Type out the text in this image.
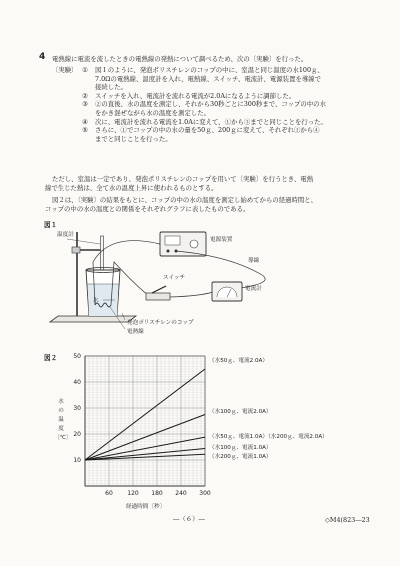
4 電熱線に電流を流したときの電熱線の発熱について調べるため、次の〔実験〕を行った。
〔実験〕 ①	図１のように、発泡ポリスチレンのコップの中に、室温と同じ温度の水100ｇ、
7.0Ωの電熱線、温度計を入れ、電熱線、スイッチ、電流計、電源装置を導線で
接続した。
②	スイッチを入れ、電流計を流れる電流が2.0Aになるように調節した。
③	②の直後、水の温度を測定し、それから30秒ごとに300秒まで、コップの中の水
をかき混ぜながら水の温度を測定した。
④	次に、電流計を流れる電流を1.0Aに変えて、①から③までと同じことを行った。
⑤	さらに、①でコップの中の水の量を50ｇ、200ｇに変えて、それぞれ①から④
までと同じことを行った。
ただし、室温は一定であり、発泡ポリスチレンのコップを用いて〔実験〕を行うとき、電熱
線で生じた熱は、全て水の温度上昇に使われるものとする。
図２は、〔実験〕の結果をもとに、コップの中の水の温度を測定し始めてからの経過時間と、
コップの中の水の温度との関係をそれぞれグラフに表したものである。
図１
温度計
電源装置
導線
スイッチ
電流計
水
発泡ポリスチレンのコップ
電熱線
図２
水
の
温
度
〔℃〕
60 120 180 240 300
10
20
30
40
50
経過時間〔秒〕
（水50ｇ、電流2.0A）
（水100ｇ、電流2.0A）
（水50ｇ、電流1.0A）（水200ｇ、電流2.0A）
（水100ｇ、電流1.0A）
（水200ｇ、電流1.0A）
―（６）―	◇M4(823―23
